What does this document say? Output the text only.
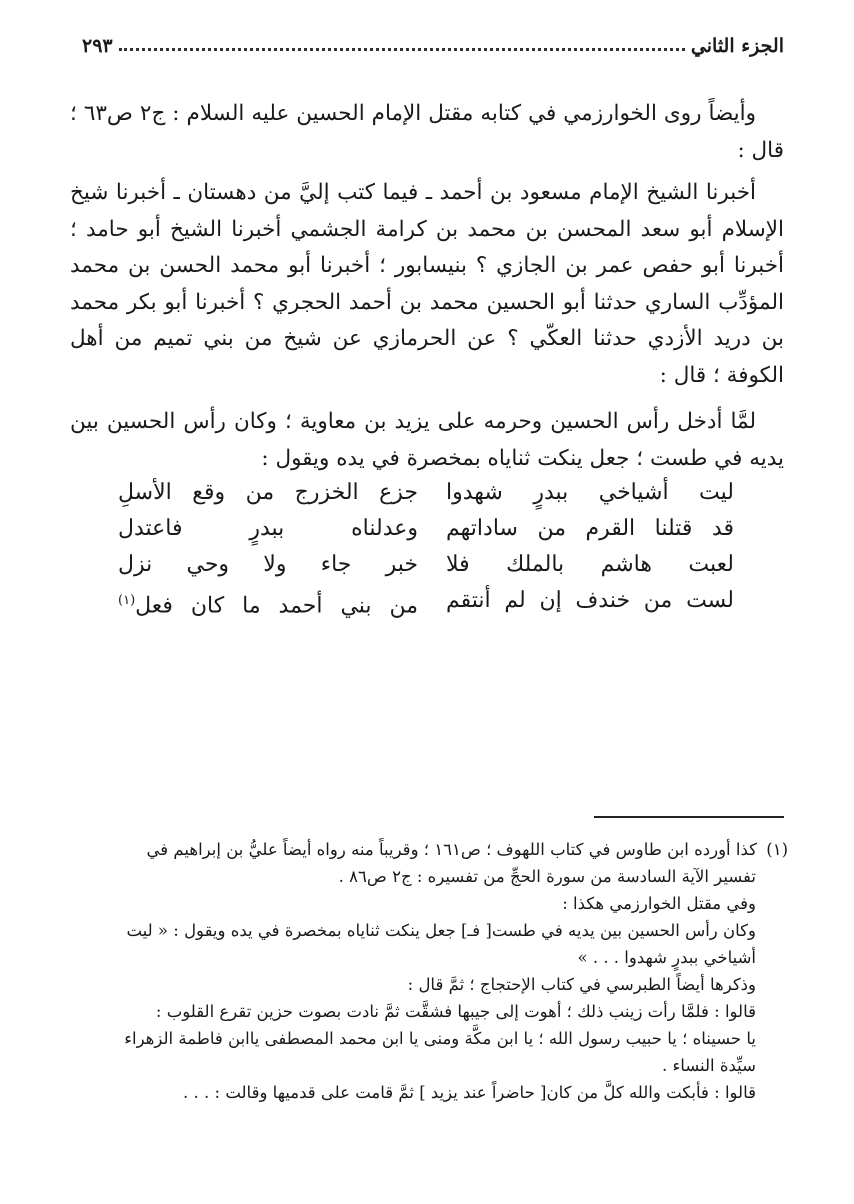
الجزء الثاني
٢٩٣

وأيضاً روى الخوارزمي في كتابه مقتل الإمام الحسين عليه السلام : ج٢ ص٦٣ ؛ قال :

أخبرنا الشيخ الإمام مسعود بن أحمد ـ فيما كتب إليَّ من دهستان ـ أخبرنا شيخ الإسلام أبو سعد المحسن بن محمد بن كرامة الجشمي أخبرنا الشيخ أبو حامد ؛ أخبرنا أبو حفص عمر بن الجازي ؟ بنيسابور ؛ أخبرنا أبو محمد الحسن بن محمد المؤدِّب الساري حدثنا أبو الحسين محمد بن أحمد الحجري ؟ أخبرنا أبو بكر محمد بن دريد الأزدي حدثنا العكّي ؟ عن الحرمازي عن شيخ من بني تميم من أهل الكوفة ؛ قال :

لمَّا أدخل رأس الحسين وحرمه على يزيد بن معاوية ؛ وكان رأس الحسين بين يديه في طست ؛ جعل ينكت ثناياه بمخصرة في يده ويقول :

ليت أشياخي ببدرٍ شهدوا
جزع الخزرج من وقع الأسلِ
قد قتلنا القرم من ساداتهم
وعدلناه ببدرٍ فاعتدل
لعبت هاشم بالملك فلا
خبر جاء ولا وحي نزل
لست من خندف إن لم أنتقم
من بني أحمد ما كان فعل$^{(١)}$

(١) كذا أورده ابن طاوس في كتاب اللهوف ؛ ص١٦١ ؛ وقريباً منه رواه أيضاً عليُّ بن إبراهيم في

تفسير الآية السادسة من سورة الحجِّ من تفسيره : ج٢ ص٨٦ .

وفي مقتل الخوارزمي هكذا :

وكان رأس الحسين بين يديه في طست[ فـ] جعل ينكت ثناياه بمخصرة في يده ويقول : « ليت

أشياخي ببدرٍ شهدوا . . . »

وذكرها أيضاً الطبرسي في كتاب الإحتجاج ؛ ثمَّ قال :

قالوا : فلمَّا رأت زينب ذلك ؛ أهوت إلى جيبها فشقَّت ثمَّ نادت بصوت حزين تقرع القلوب :

يا حسيناه ؛ يا حبيب رسول الله ؛ يا ابن مكَّة ومنى يا ابن محمد المصطفى ياابن فاطمة الزهراء

سيِّدة النساء .

قالوا : فأبكت والله كلَّ من كان[ حاضراً عند يزيد ] ثمَّ قامت على قدميها وقالت : . . .
